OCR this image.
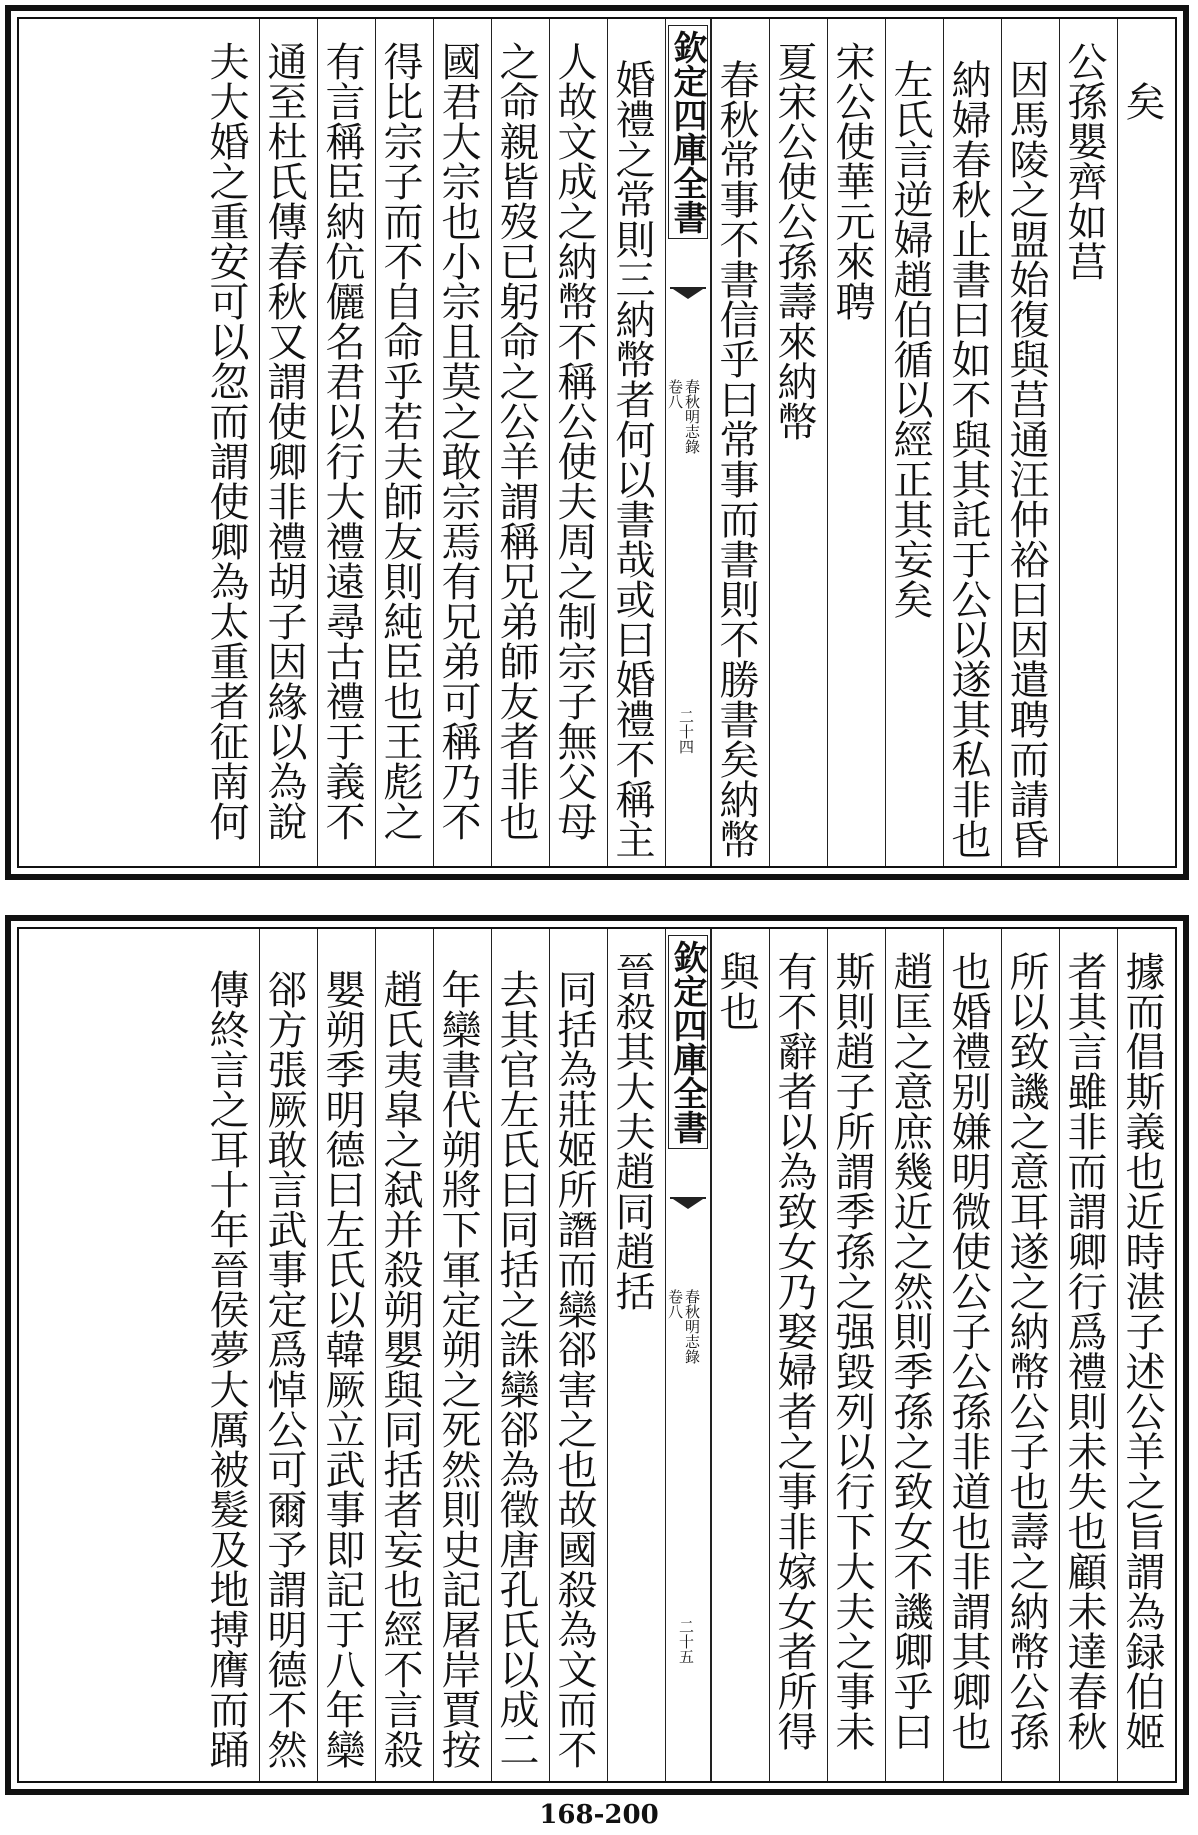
矣
公孫嬰齊如莒
因馬陵之盟始復與莒通汪仲裕曰因遣聘而請昏
納婦春秋止書曰如不與其託于公以遂其私非也
左氏言逆婦趙伯循以經正其妄矣
宋公使華元來聘
夏宋公使公孫壽來納幣
春秋常事不書信乎曰常事而書則不勝書矣納幣
欽定四庫全書
春秋明志錄
卷八
二十四
婚禮之常則三納幣者何以書哉或曰婚禮不稱主
人故文成之納幣不稱公使夫周之制宗子無父母
之命親皆歿已躬命之公羊謂稱兄弟師友者非也
國君大宗也小宗且莫之敢宗焉有兄弟可稱乃不
得比宗子而不自命乎若夫師友則純臣也王彪之
有言稱臣納伉儷名君以行大禮遠尋古禮于義不
通至杜氏傳春秋又謂使卿非禮胡子因緣以為說
夫大婚之重安可以忽而謂使卿為太重者征南何
據而倡斯義也近時湛子述公羊之旨謂為録伯姬
者其言雖非而謂卿行爲禮則未失也顧未達春秋
所以致譏之意耳遂之納幣公子也壽之納幣公孫
也婚禮别嫌明微使公子公孫非道也非謂其卿也
趙匡之意庶幾近之然則季孫之致女不譏卿乎曰
斯則趙子所謂季孫之强毀列以行下大夫之事未
有不辭者以為致女乃娶婦者之事非嫁女者所得
與也
欽定四庫全書
春秋明志錄
卷八
二十五
晉殺其大夫趙同趙括
同括為莊姬所譖而欒郤害之也故國殺為文而不
去其官左氏曰同括之誅欒郤為徵唐孔氏以成二
年欒書代朔將下軍定朔之死然則史記屠岸賈按
趙氏夷皐之弑并殺朔嬰與同括者妄也經不言殺
嬰朔季明德曰左氏以韓厥立武事即記于八年欒
郤方張厥敢言武事定爲悼公可爾予謂明德不然
傳終言之耳十年晉侯夢大厲被髮及地搏膺而踊
168-200
